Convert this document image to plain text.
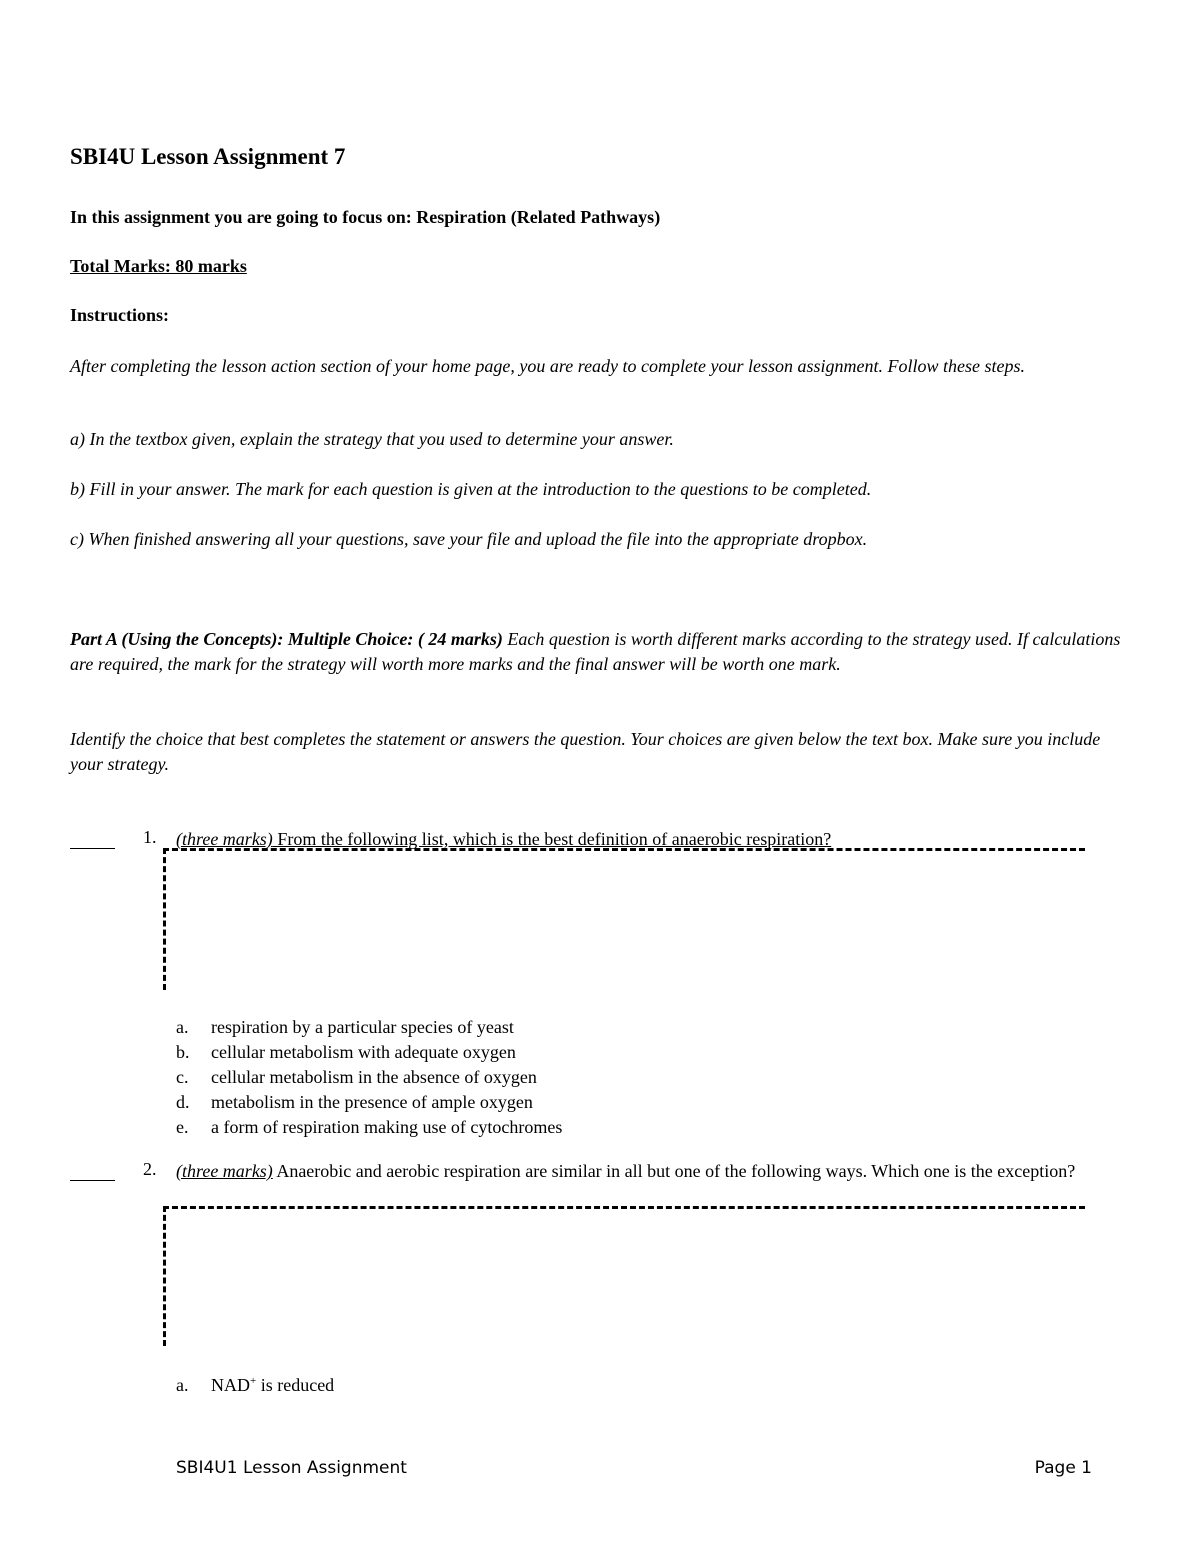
SBI4U Lesson Assignment 7
In this assignment you are going to focus on: Respiration (Related Pathways)
Total Marks: 80 marks
Instructions:
After completing the lesson action section of your home page, you are ready to complete your lesson assignment. Follow these steps.
a) In the textbox given, explain the strategy that you used to determine your answer.
b) Fill in your answer. The mark for each question is given at the introduction to the questions to be completed.
c) When finished answering all your questions, save your file and upload the file into the appropriate dropbox.
Part A (Using the Concepts): Multiple Choice: ( 24 marks) Each question is worth different marks according to the strategy used. If calculations are required, the mark for the strategy will worth more marks and the final answer will be worth one mark.
Identify the choice that best completes the statement or answers the question. Your choices are given below the text box. Make sure you include your strategy.
1. (three marks) From the following list, which is the best definition of anaerobic respiration?
a. respiration by a particular species of yeast
b. cellular metabolism with adequate oxygen
c. cellular metabolism in the absence of oxygen
d. metabolism in the presence of ample oxygen
e. a form of respiration making use of cytochromes
2. (three marks) Anaerobic and aerobic respiration are similar in all but one of the following ways. Which one is the exception?
a. NAD+ is reduced
SBI4U1 Lesson Assignment	Page 1
